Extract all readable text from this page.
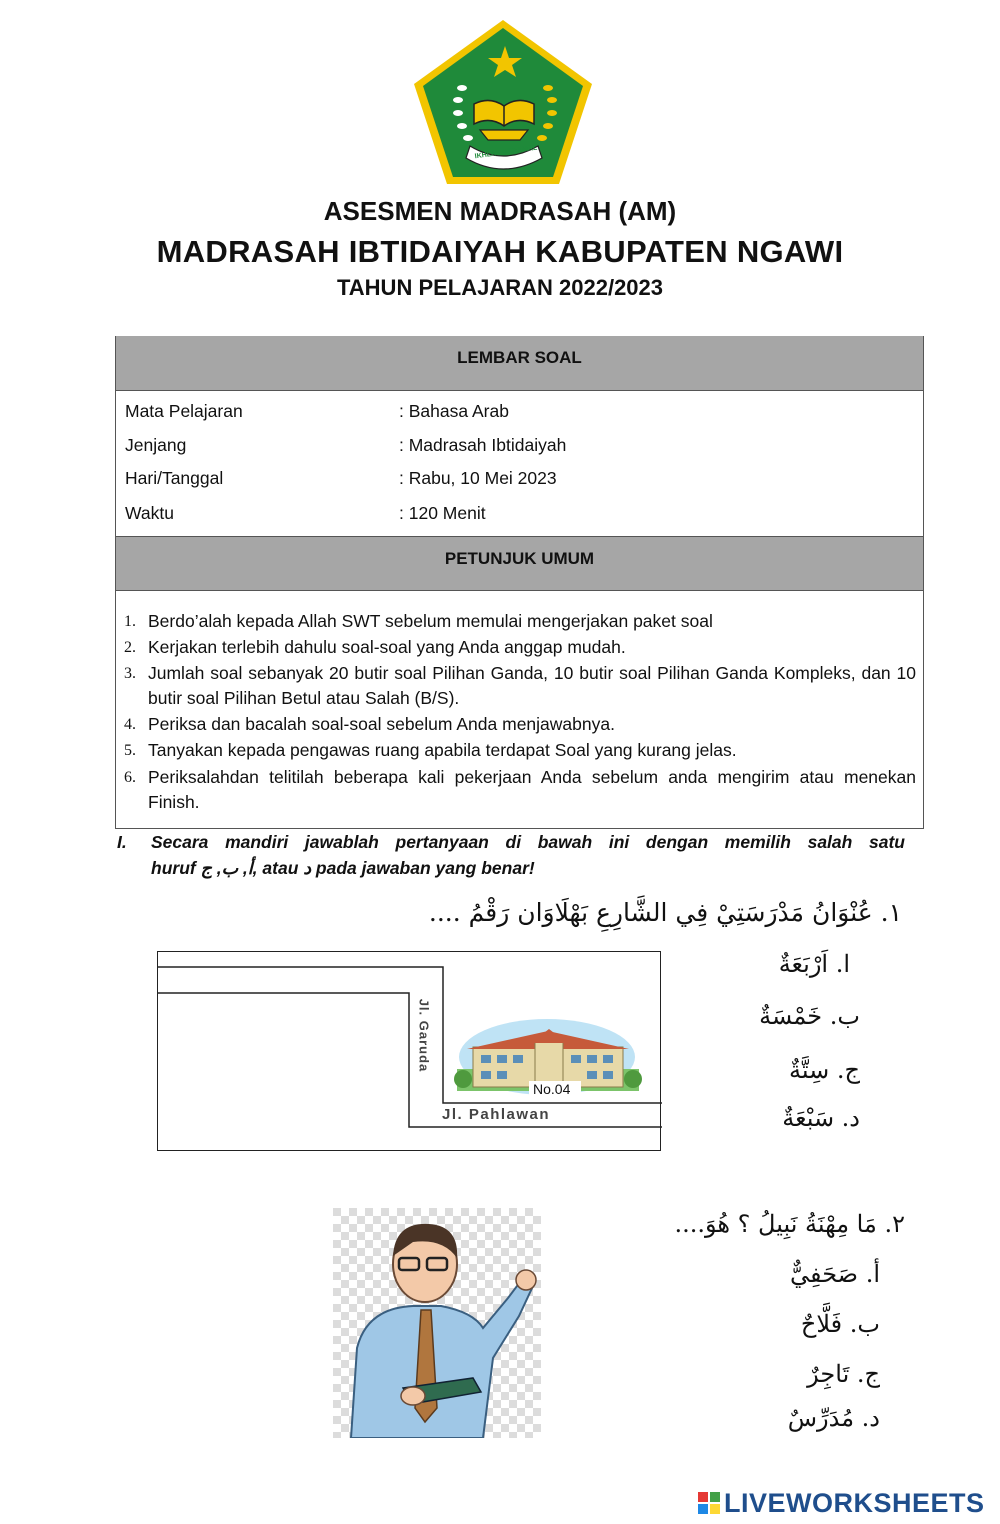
IKHLAS BERAMAL
ASESMEN MADRASAH (AM)
MADRASAH IBTIDAIYAH KABUPATEN NGAWI
TAHUN PELAJARAN 2022/2023
LEMBAR SOAL
Mata Pelajaran	: Bahasa Arab
Jenjang	: Madrasah Ibtidaiyah
Hari/Tanggal	: Rabu, 10 Mei 2023
Waktu	: 120 Menit
PETUNJUK UMUM
1. Berdo’alah kepada Allah SWT sebelum memulai mengerjakan paket soal
2. Kerjakan terlebih dahulu soal-soal yang Anda anggap mudah.
3. Jumlah soal sebanyak 20 butir soal Pilihan Ganda, 10 butir soal Pilihan Ganda Kompleks, dan 10 butir soal Pilihan Betul atau Salah (B/S).
4. Periksa dan bacalah soal-soal sebelum Anda menjawabnya.
5. Tanyakan kepada pengawas ruang apabila terdapat Soal yang kurang jelas.
6. Periksalahdan telitilah beberapa kali pekerjaan Anda sebelum anda mengirim atau menekan Finish.
I. Secara mandiri jawablah pertanyaan di bawah ini dengan memilih salah satu
huruf أ, ب, ج, atau د pada jawaban yang benar!
١. عُنْوَانُ مَدْرَسَتِيْ فِي الشَّارِعِ بَهْلَاوَان رَقْمُ ....
Jl. Garuda
Jl. Pahlawan
No.04
ا. اَرْبَعَةٌ
ب. خَمْسَةٌ
ج. سِتَّةٌ
د. سَبْعَةٌ
٢. مَا مِهْنَةُ نَبِيلُ ؟ هُوَ....
أ. صَحَفِيٌّ
ب. فَلَّاحٌ
ج. تَاجِرٌ
د. مُدَرِّسٌ
LIVEWORKSHEETS
